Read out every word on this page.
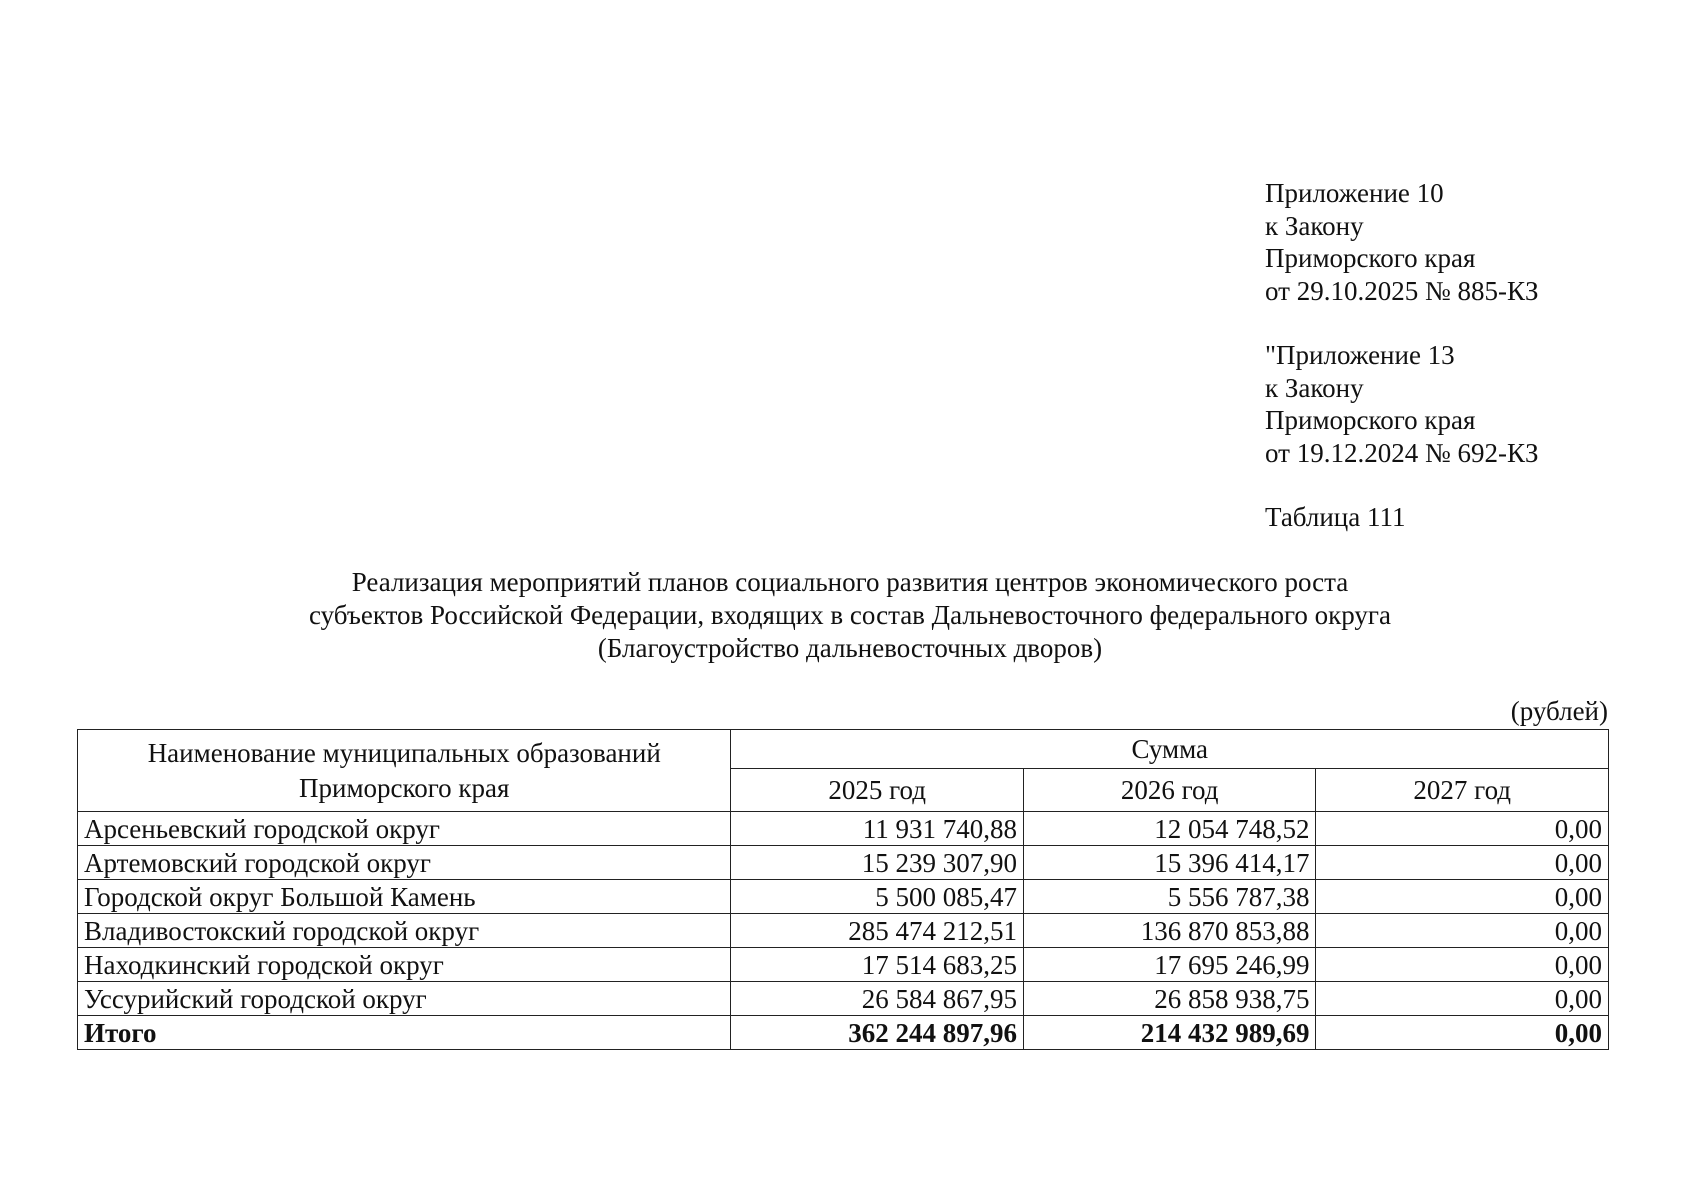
Приложение 10
к Закону
Приморского края
от 29.10.2025 № 885-КЗ
"Приложение 13
к Закону
Приморского края
от 19.12.2024 № 692-КЗ
Таблица 111
Реализация мероприятий планов социального развития центров экономического роста
субъектов Российской Федерации, входящих в состав Дальневосточного федерального округа
(Благоустройство дальневосточных дворов)
(рублей)
Наименование муниципальных образований
Приморского края	Сумма		
	2025 год	2026 год	2027 год
Арсеньевский городской округ	11 931 740,88	12 054 748,52	0,00
Артемовский городской округ	15 239 307,90	15 396 414,17	0,00
Городской округ Большой Камень	5 500 085,47	5 556 787,38	0,00
Владивостокский городской округ	285 474 212,51	136 870 853,88	0,00
Находкинский городской округ	17 514 683,25	17 695 246,99	0,00
Уссурийский городской округ	26 584 867,95	26 858 938,75	0,00
Итого	362 244 897,96	214 432 989,69	0,00
